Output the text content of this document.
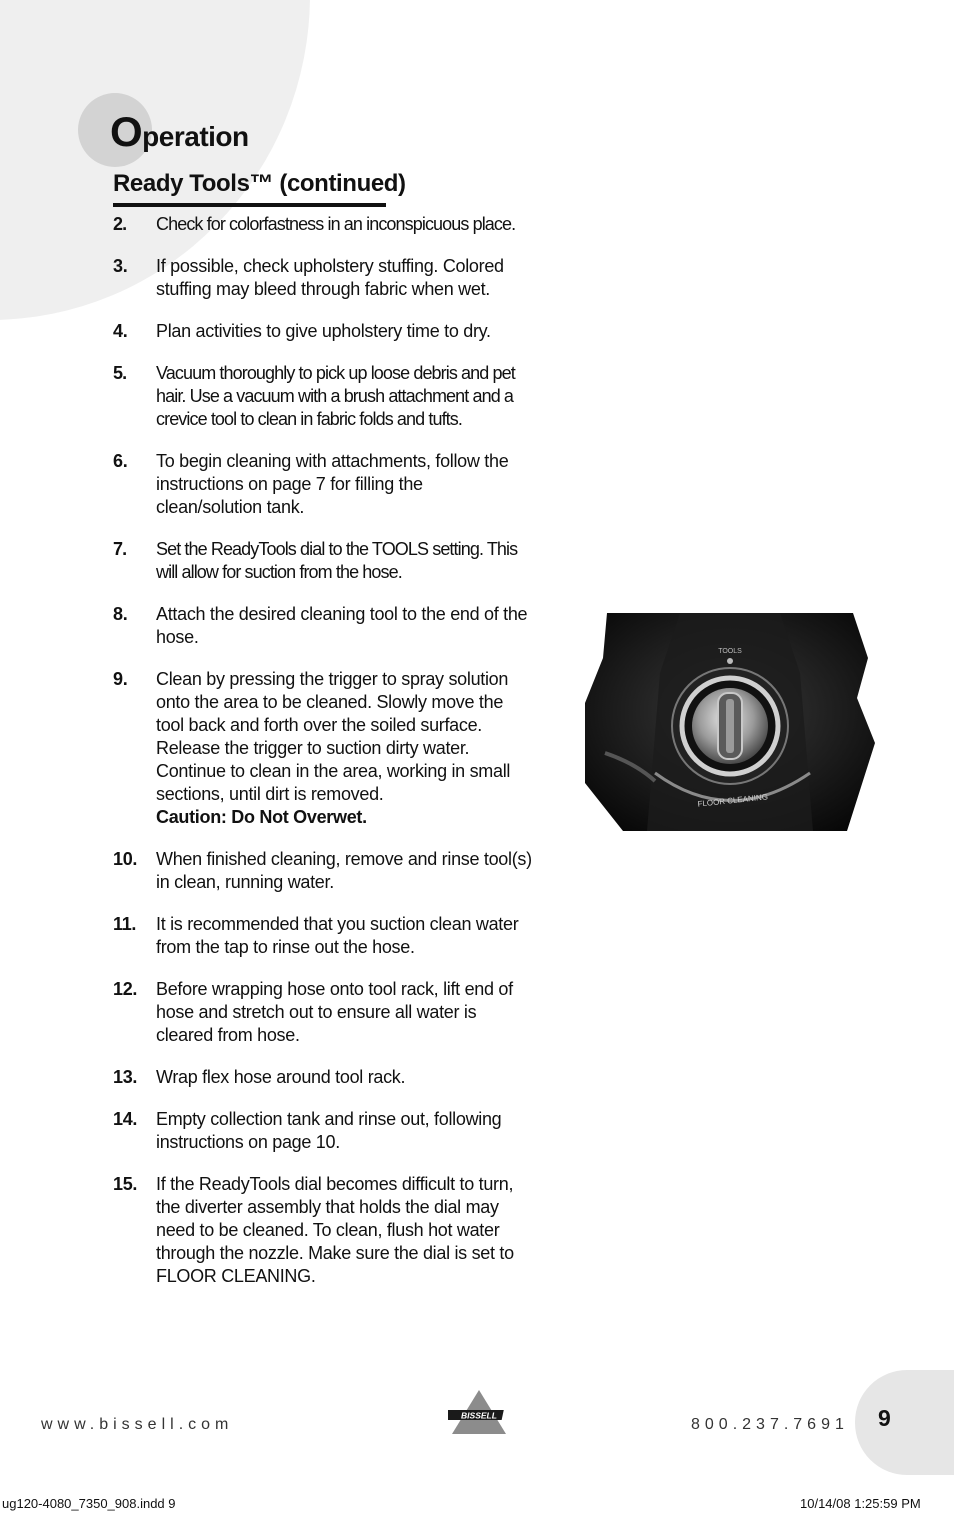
Operation
Ready Tools™ (continued)
2.	Check for colorfastness in an inconspicuous place.
3.	If possible, check upholstery stuffing. Colored stuffing may bleed through fabric when wet.
4.	Plan activities to give upholstery time to dry.
5.	Vacuum thoroughly to pick up loose debris and pet hair. Use a vacuum with a brush attachment and a crevice tool to clean in fabric folds and tufts.
6.	To begin cleaning with attachments, follow the instructions on page 7 for filling the clean/solution tank.
7.	Set the ReadyTools dial to the TOOLS setting. This will allow for suction from the hose.
8.	Attach the desired cleaning tool to the end of the hose.
9.	Clean by pressing the trigger to spray solution onto the area to be cleaned. Slowly move the tool back and forth over the soiled surface. Release the trigger to suction dirty water. Continue to clean in the area, working in small sections, until dirt is removed.
Caution: Do Not Overwet.
10.	When finished cleaning, remove and rinse tool(s) in clean, running water.
11.	It is recommended that you suction clean water from the tap to rinse out the hose.
12.	Before wrapping hose onto tool rack, lift end of hose and stretch out to ensure all water is cleared from hose.
13.	Wrap flex hose around tool rack.
14.	Empty collection tank and rinse out, following instructions on page 10.
15.	If the ReadyTools dial becomes difficult to turn, the diverter assembly that holds the dial may need to be cleaned. To clean, flush hot water through the nozzle. Make sure the dial is set to FLOOR CLEANING.
TOOLS
FLOOR CLEANING
www.bissell.com
BISSELL
800.237.7691 9
ug120-4080_7350_908.indd 9	10/14/08 1:25:59 PM
